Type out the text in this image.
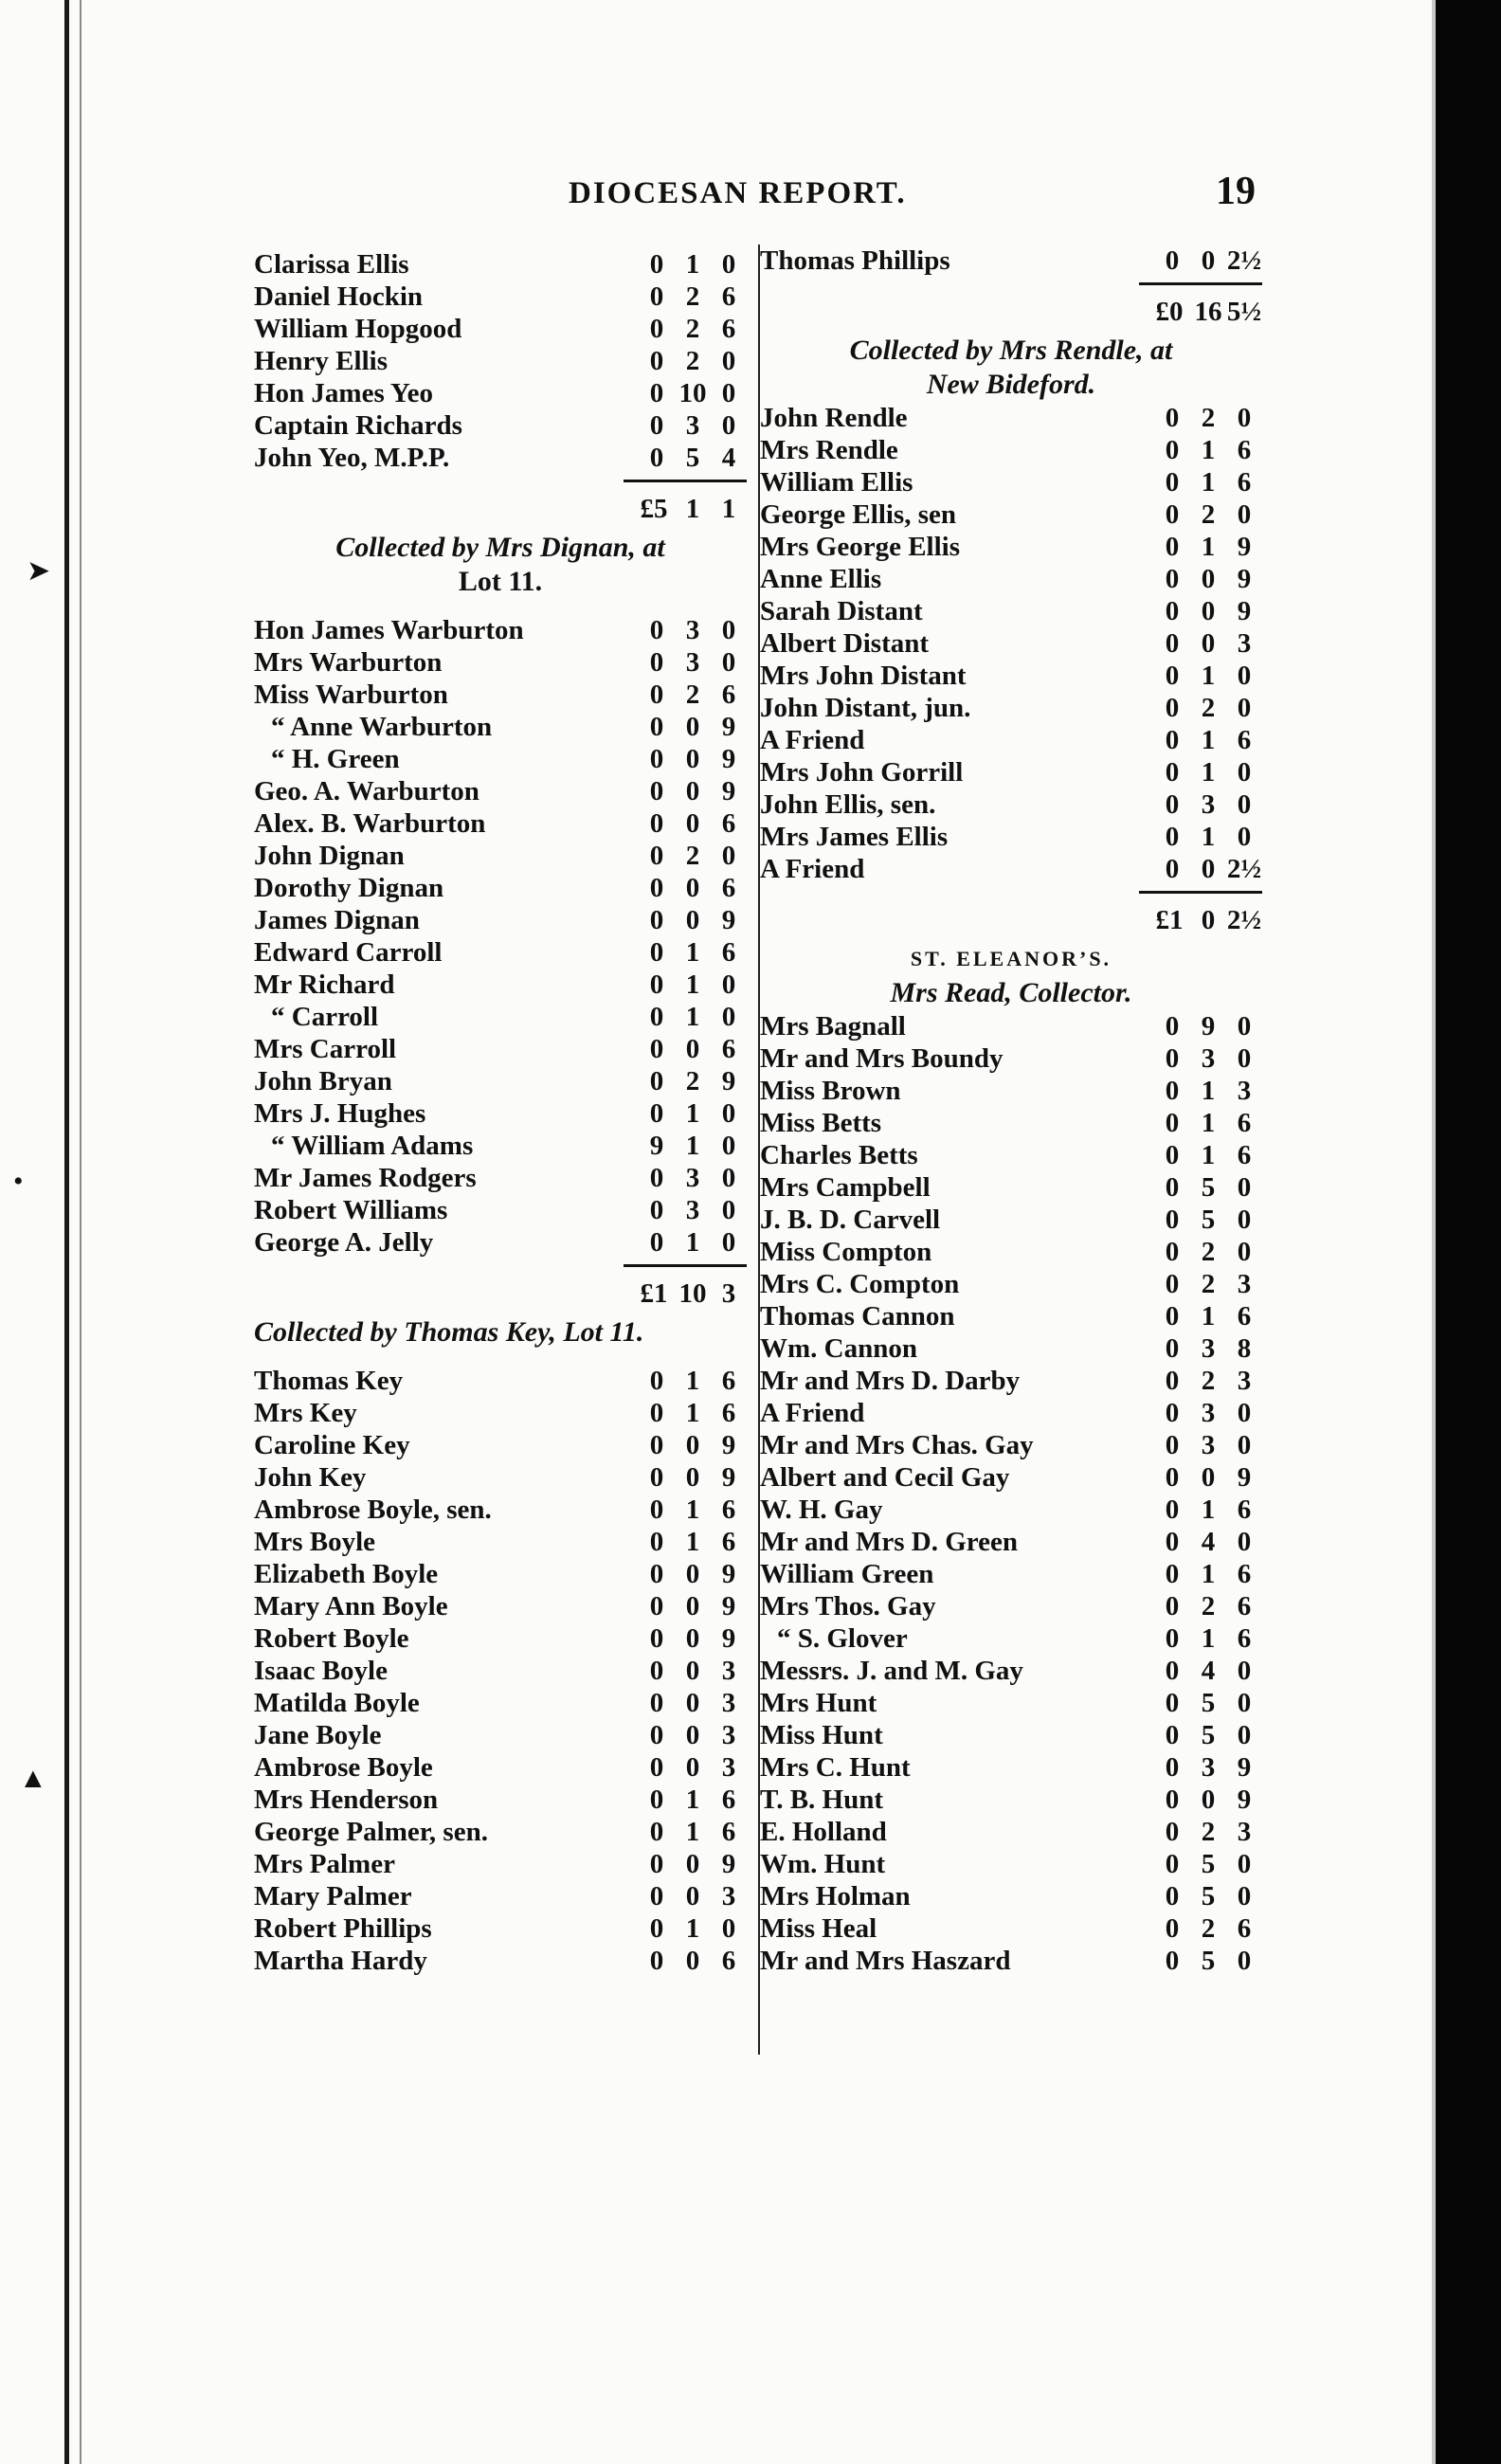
DIOCESAN REPORT.	19
➤
•
▲
Clarissa Ellis	0 1 0
Daniel Hockin	0 2 6
William Hopgood	0 2 6
Henry Ellis	0 2 0
Hon James Yeo	0 10 0
Captain Richards	0 3 0
John Yeo, M.P.P.	0 5 4
£5 1 1
Collected by Mrs Dignan, at
Lot 11.
Hon James Warburton	0 3 0
Mrs Warburton	0 3 0
Miss Warburton	0 2 6
“ Anne Warburton	0 0 9
“ H. Green	0 0 9
Geo. A. Warburton	0 0 9
Alex. B. Warburton	0 0 6
John Dignan	0 2 0
Dorothy Dignan	0 0 6
James Dignan	0 0 9
Edward Carroll	0 1 6
Mr Richard	0 1 0
“ Carroll	0 1 0
Mrs Carroll	0 0 6
John Bryan	0 2 9
Mrs J. Hughes	0 1 0
“ William Adams	9 1 0
Mr James Rodgers	0 3 0
Robert Williams	0 3 0
George A. Jelly	0 1 0
£1 10 3
Collected by Thomas Key, Lot 11.
Thomas Key	0 1 6
Mrs Key	0 1 6
Caroline Key	0 0 9
John Key	0 0 9
Ambrose Boyle, sen.	0 1 6
Mrs Boyle	0 1 6
Elizabeth Boyle	0 0 9
Mary Ann Boyle	0 0 9
Robert Boyle	0 0 9
Isaac Boyle	0 0 3
Matilda Boyle	0 0 3
Jane Boyle	0 0 3
Ambrose Boyle	0 0 3
Mrs Henderson	0 1 6
George Palmer, sen.	0 1 6
Mrs Palmer	0 0 9
Mary Palmer	0 0 3
Robert Phillips	0 1 0
Martha Hardy	0 0 6
Thomas Phillips	0 0 2½
£0 16 5½
Collected by Mrs Rendle, at
New Bideford.
John Rendle	0 2 0
Mrs Rendle	0 1 6
William Ellis	0 1 6
George Ellis, sen	0 2 0
Mrs George Ellis	0 1 9
Anne Ellis	0 0 9
Sarah Distant	0 0 9
Albert Distant	0 0 3
Mrs John Distant	0 1 0
John Distant, jun.	0 2 0
A Friend	0 1 6
Mrs John Gorrill	0 1 0
John Ellis, sen.	0 3 0
Mrs James Ellis	0 1 0
A Friend	0 0 2½
£1 0 2½
ST. ELEANOR’S.
Mrs Read, Collector.
Mrs Bagnall	0 9 0
Mr and Mrs Boundy	0 3 0
Miss Brown	0 1 3
Miss Betts	0 1 6
Charles Betts	0 1 6
Mrs Campbell	0 5 0
J. B. D. Carvell	0 5 0
Miss Compton	0 2 0
Mrs C. Compton	0 2 3
Thomas Cannon	0 1 6
Wm. Cannon	0 3 8
Mr and Mrs D. Darby	0 2 3
A Friend	0 3 0
Mr and Mrs Chas. Gay	0 3 0
Albert and Cecil Gay	0 0 9
W. H. Gay	0 1 6
Mr and Mrs D. Green	0 4 0
William Green	0 1 6
Mrs Thos. Gay	0 2 6
“ S. Glover	0 1 6
Messrs. J. and M. Gay	0 4 0
Mrs Hunt	0 5 0
Miss Hunt	0 5 0
Mrs C. Hunt	0 3 9
T. B. Hunt	0 0 9
E. Holland	0 2 3
Wm. Hunt	0 5 0
Mrs Holman	0 5 0
Miss Heal	0 2 6
Mr and Mrs Haszard	0 5 0
